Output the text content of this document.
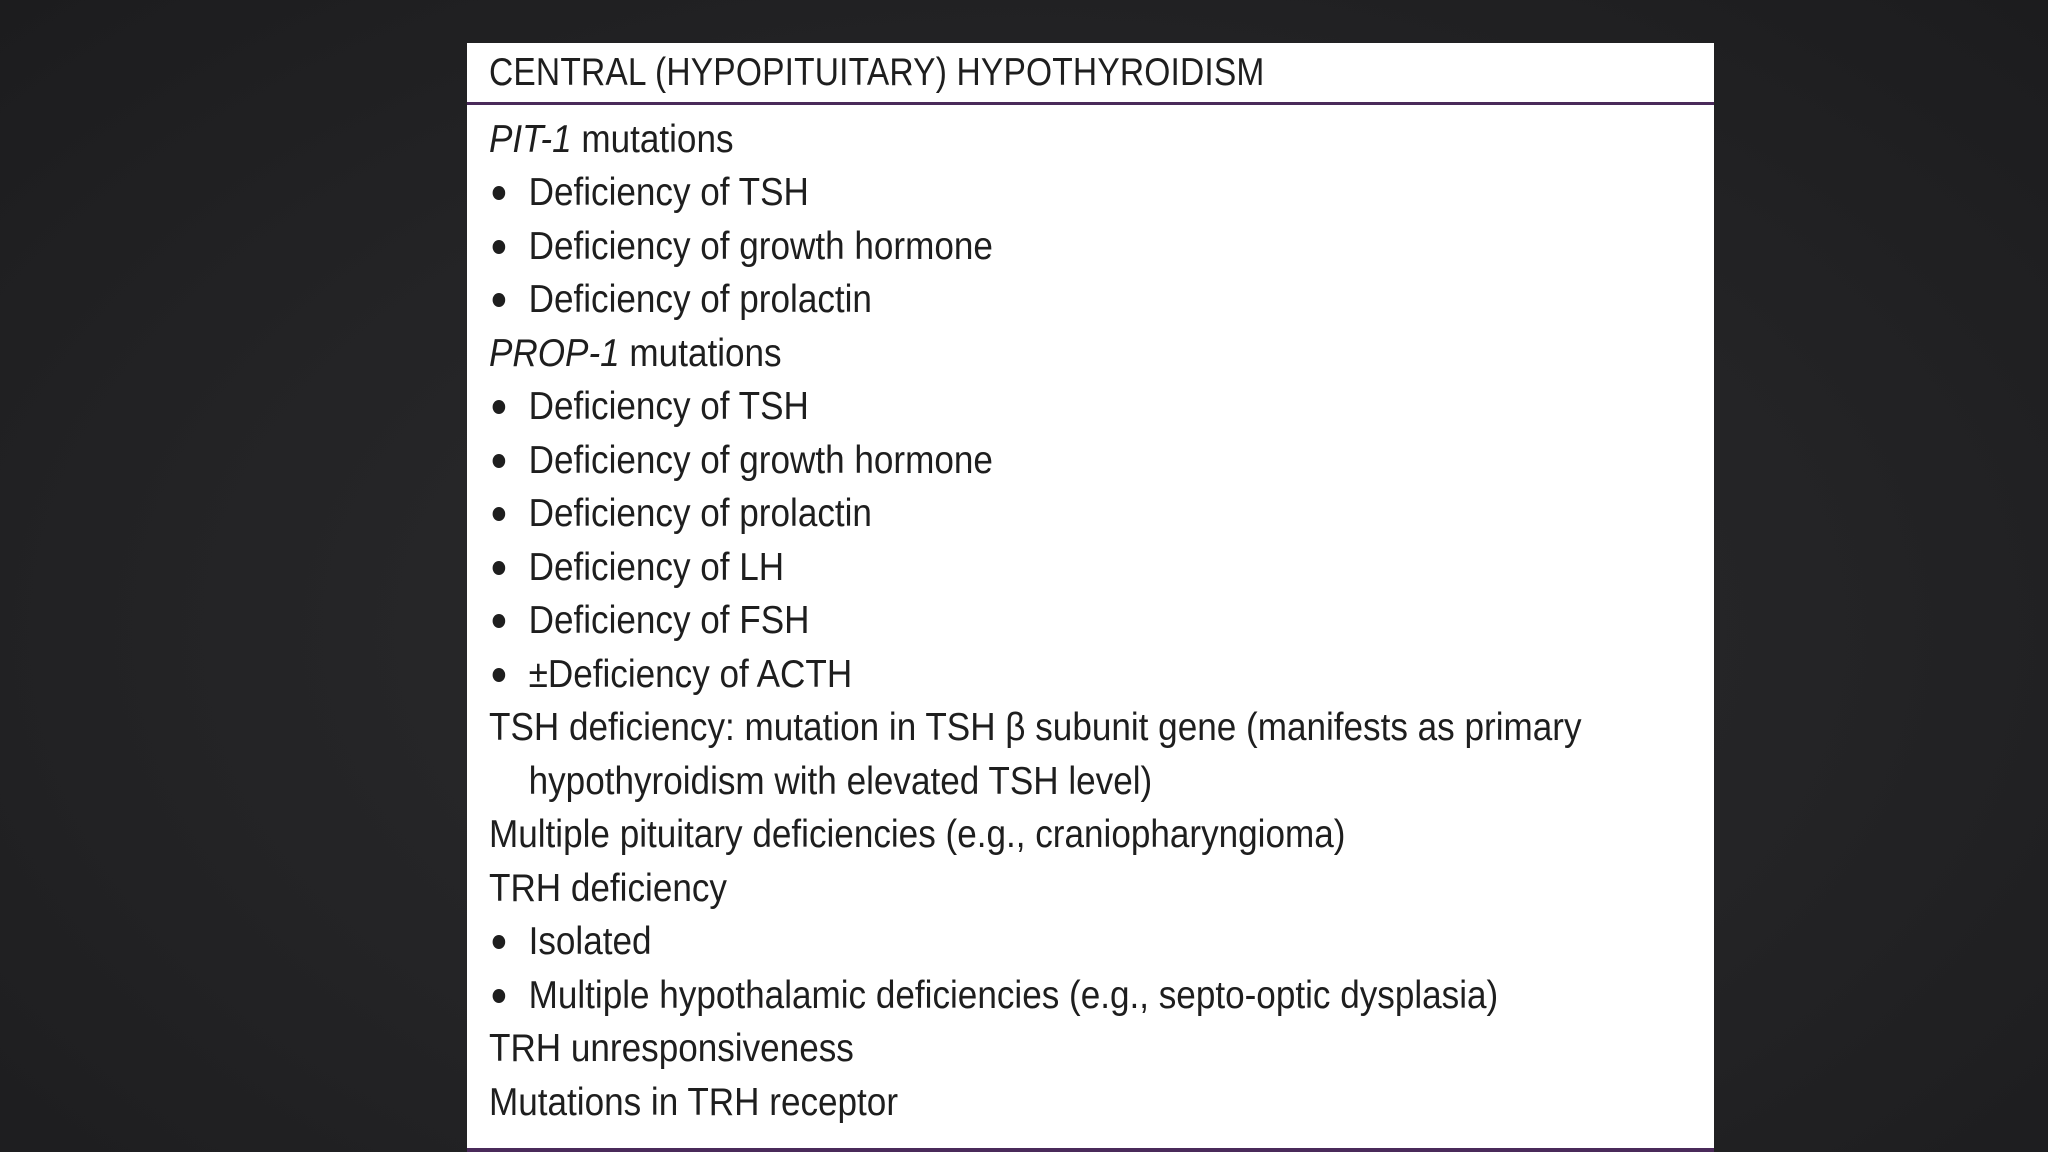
CENTRAL (HYPOPITUITARY) HYPOTHYROIDISM
PIT-1 mutations
Deficiency of TSH
Deficiency of growth hormone
Deficiency of prolactin
PROP-1 mutations
Deficiency of TSH
Deficiency of growth hormone
Deficiency of prolactin
Deficiency of LH
Deficiency of FSH
±Deficiency of ACTH
TSH deficiency: mutation in TSH β subunit gene (manifests as primary
hypothyroidism with elevated TSH level)
Multiple pituitary deficiencies (e.g., craniopharyngioma)
TRH deficiency
Isolated
Multiple hypothalamic deficiencies (e.g., septo-optic dysplasia)
TRH unresponsiveness
Mutations in TRH receptor
